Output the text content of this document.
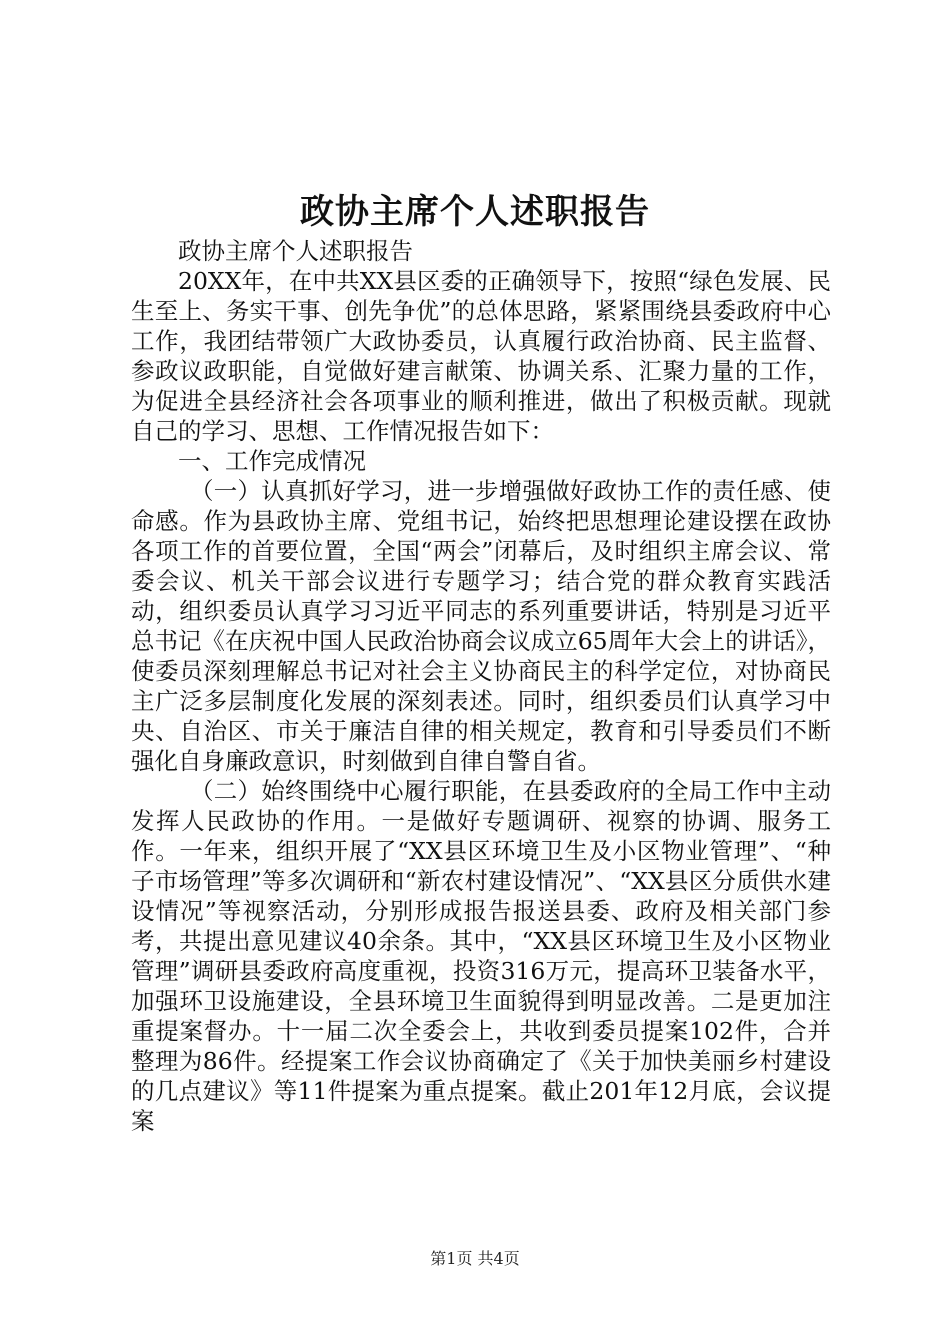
政协主席个人述职报告

政协主席个人述职报告

20XX年，在中共XX县区委的正确领导下，按照“绿色发展、民生至上、务实干事、创先争优”的总体思路，紧紧围绕县委政府中心工作，我团结带领广大政协委员，认真履行政治协商、民主监督、参政议政职能，自觉做好建言献策、协调关系、汇聚力量的工作，为促进全县经济社会各项事业的顺利推进，做出了积极贡献。现就自己的学习、思想、工作情况报告如下：

一、工作完成情况

（一）认真抓好学习，进一步增强做好政协工作的责任感、使命感。作为县政协主席、党组书记，始终把思想理论建设摆在政协各项工作的首要位置，全国“两会”闭幕后，及时组织主席会议、常委会议、机关干部会议进行专题学习；结合党的群众教育实践活动，组织委员认真学习习近平同志的系列重要讲话，特别是习近平总书记《在庆祝中国人民政治协商会议成立65周年大会上的讲话》，使委员深刻理解总书记对社会主义协商民主的科学定位，对协商民主广泛多层制度化发展的深刻表述。同时，组织委员们认真学习中央、自治区、市关于廉洁自律的相关规定，教育和引导委员们不断强化自身廉政意识，时刻做到自律自警自省。

（二）始终围绕中心履行职能，在县委政府的全局工作中主动发挥人民政协的作用。一是做好专题调研、视察的协调、服务工作。一年来，组织开展了“XX县区环境卫生及小区物业管理”、“种子市场管理”等多次调研和“新农村建设情况”、“XX县区分质供水建设情况”等视察活动，分别形成报告报送县委、政府及相关部门参考，共提出意见建议40余条。其中，“XX县区环境卫生及小区物业管理”调研县委政府高度重视，投资316万元，提高环卫装备水平，加强环卫设施建设，全县环境卫生面貌得到明显改善。二是更加注重提案督办。十一届二次全委会上，共收到委员提案102件，合并整理为86件。经提案工作会议协商确定了《关于加快美丽乡村建设的几点建议》等11件提案为重点提案。截止201年12月底，会议提案

第1页 共4页
